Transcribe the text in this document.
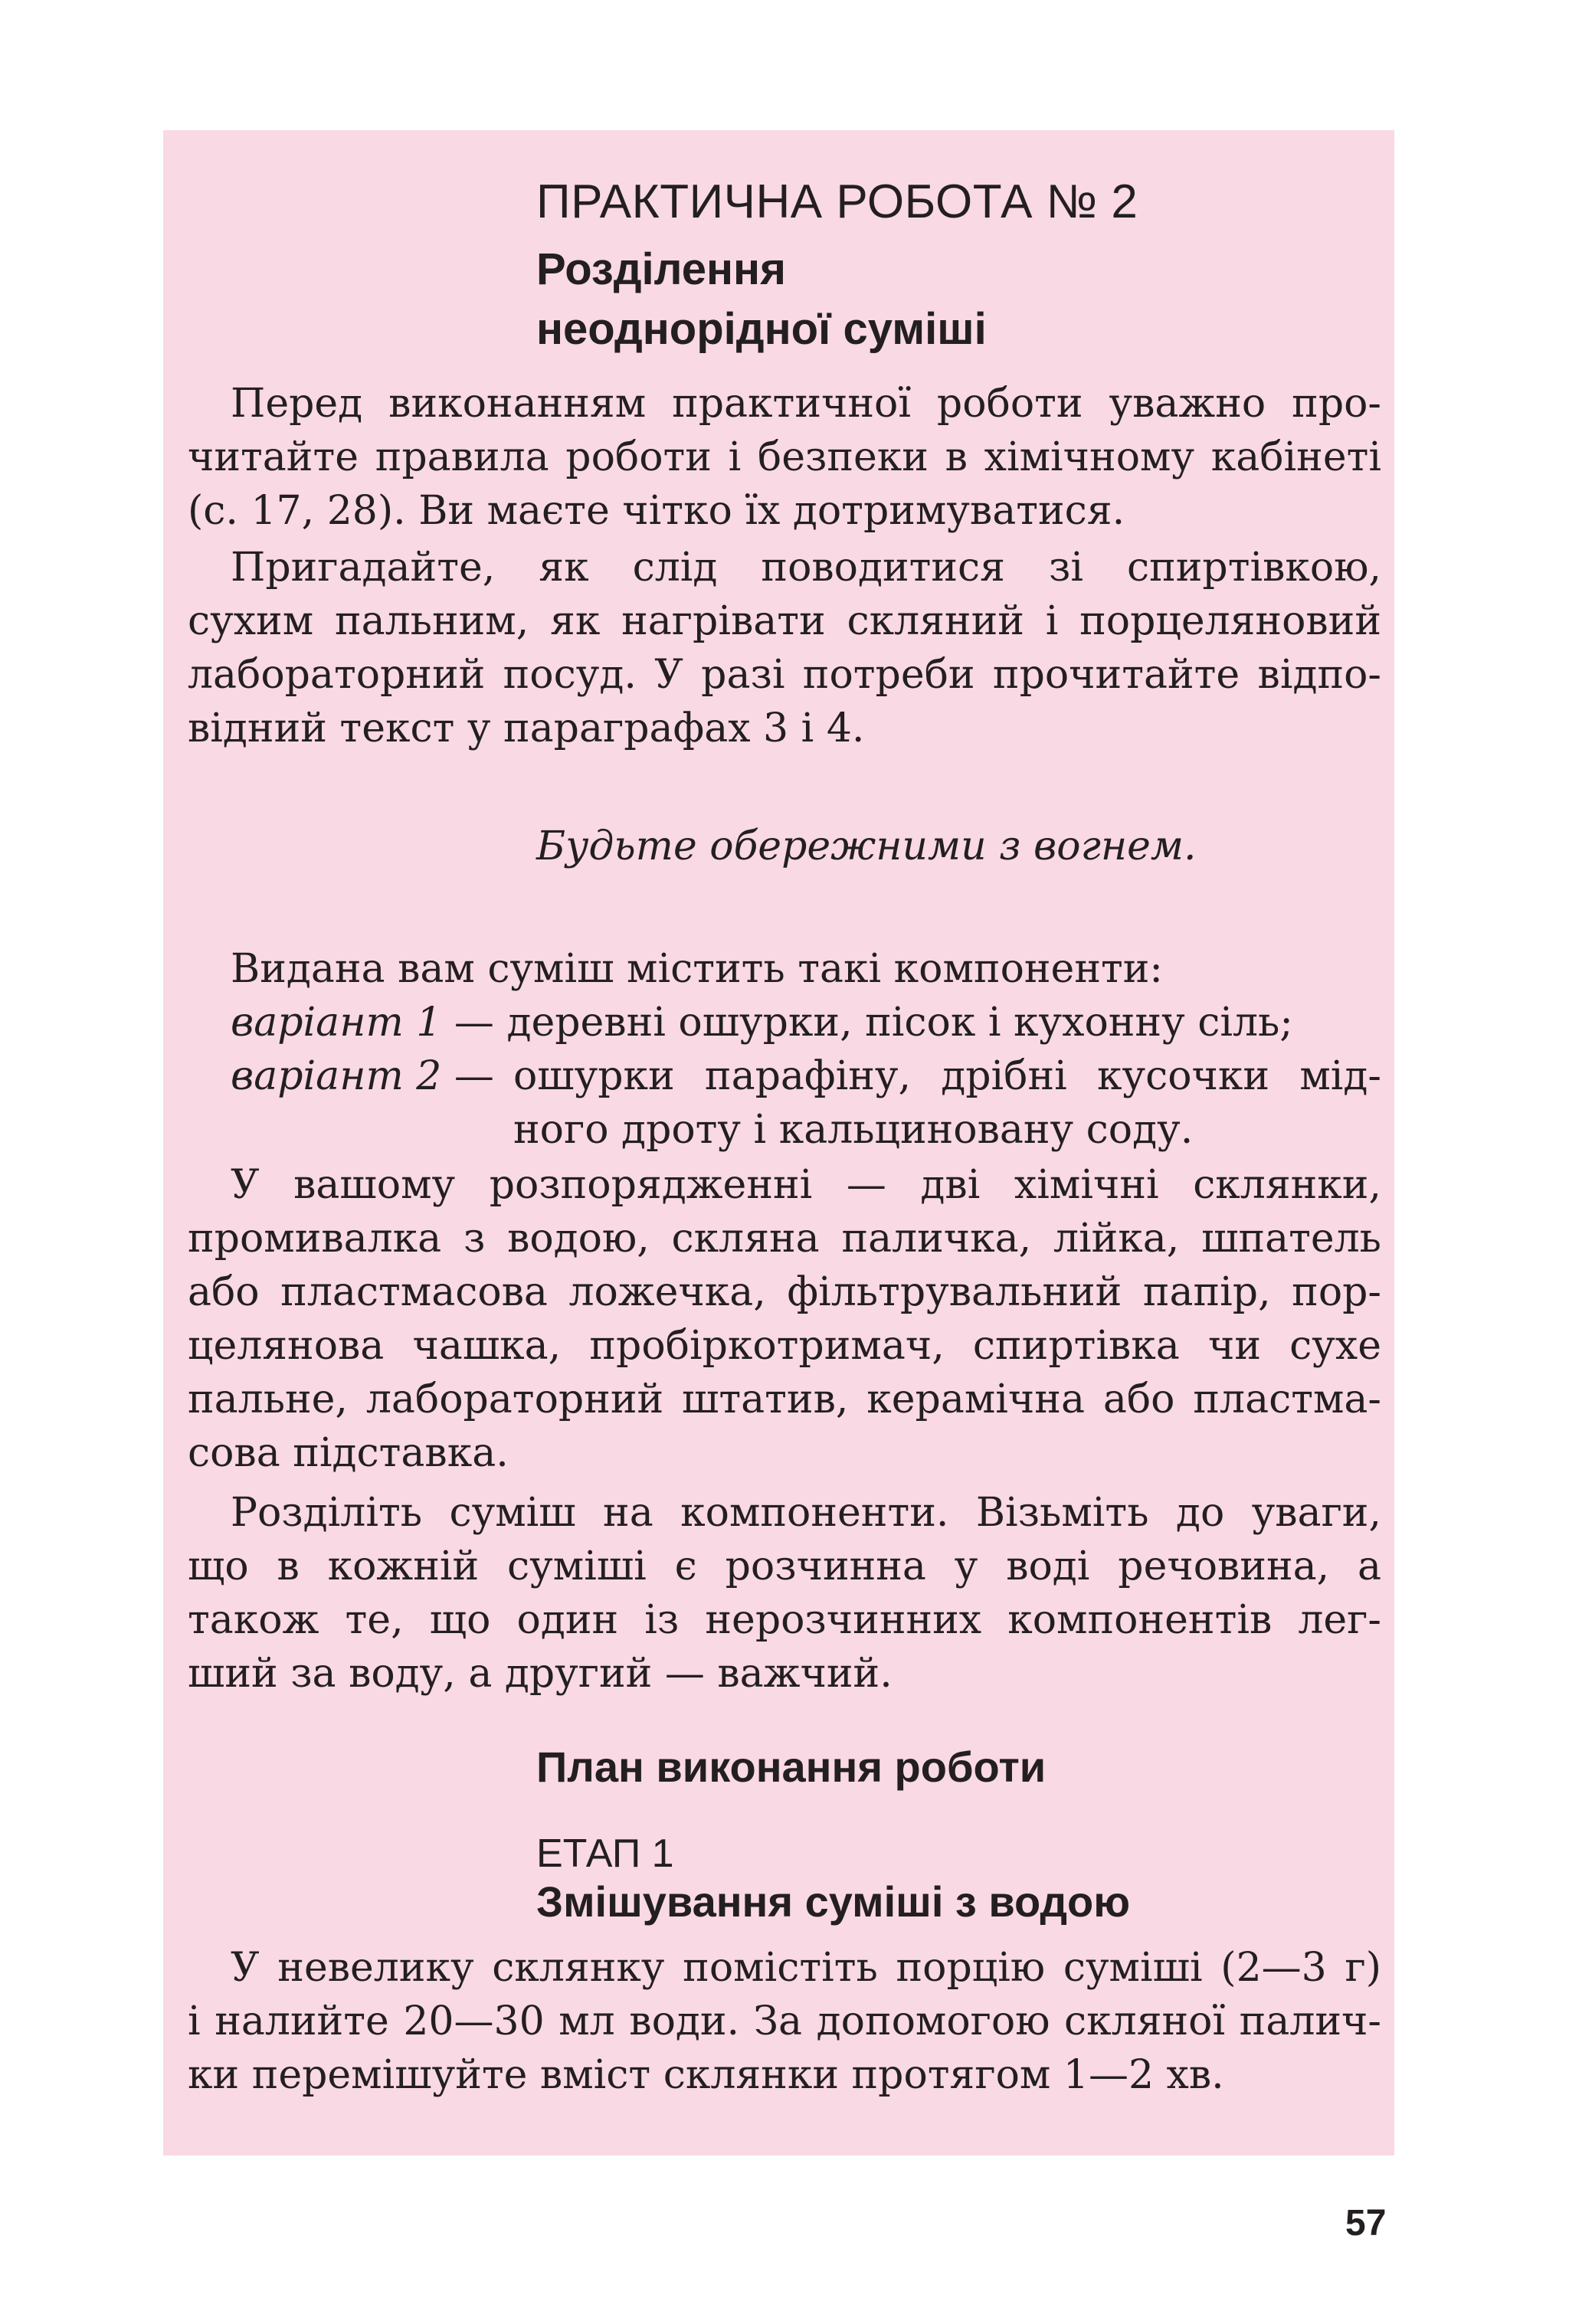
ПРАКТИЧНА РОБОТА № 2
Розділення
неоднорідної суміші
Перед виконанням практичної роботи уважно про-
читайте правила роботи і безпеки в хімічному кабінеті
(с. 17, 28). Ви маєте чітко їх дотримуватися.
Пригадайте, як слід поводитися зі спиртівкою,
сухим пальним, як нагрівати скляний і порцеляновий
лабораторний посуд. У разі потреби прочитайте відпо-
відний текст у параграфах 3 і 4.
Будьте обережними з вогнем.
Видана вам суміш містить такі компоненти:
варіант 1 — деревні ошурки, пісок і кухонну сіль;
варіант 2 — ошурки парафіну, дрібні кусочки мід-
ного дроту і кальциновану соду.
У вашому розпорядженні — дві хімічні склянки,
промивалка з водою, скляна паличка, лійка, шпатель
або пластмасова ложечка, фільтрувальний папір, пор-
целянова чашка, пробіркотримач, спиртівка чи сухе
пальне, лабораторний штатив, керамічна або пластма-
сова підставка.
Розділіть суміш на компоненти. Візьміть до уваги,
що в кожній суміші є розчинна у воді речовина, а
також те, що один із нерозчинних компонентів лег-
ший за воду, а другий — важчий.
План виконання роботи
ЕТАП 1
Змішування суміші з водою
У невелику склянку помістіть порцію суміші (2—3 г)
і налийте 20—30 мл води. За допомогою скляної палич-
ки перемішуйте вміст склянки протягом 1—2 хв.
57
